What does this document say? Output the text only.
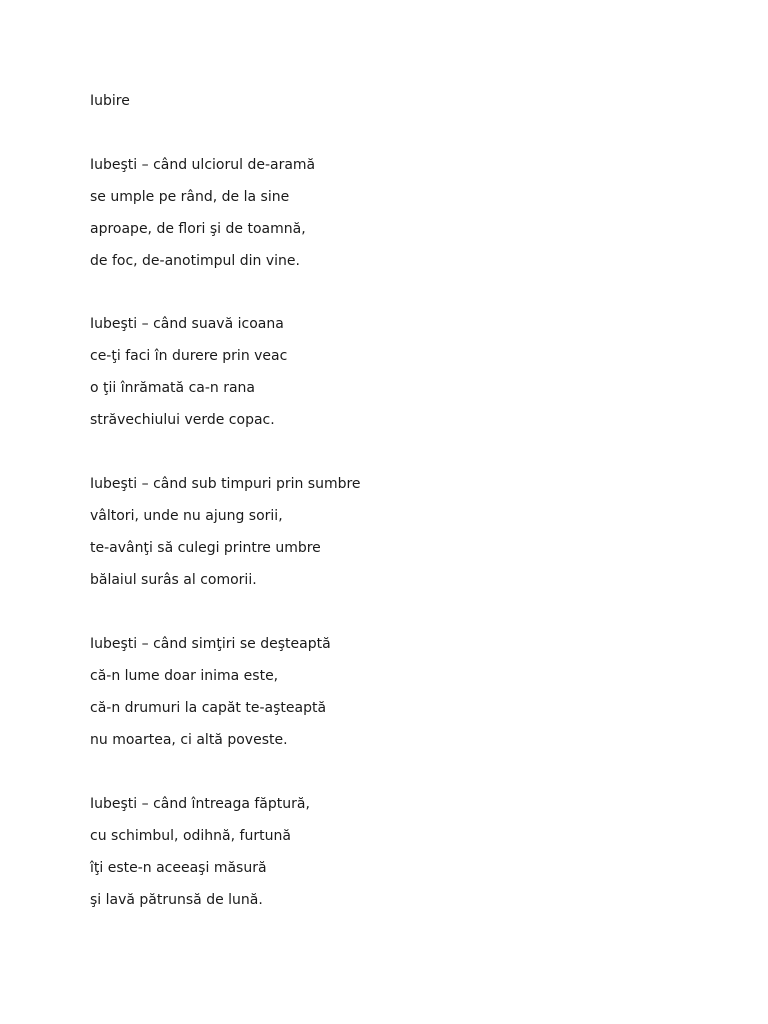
Iubire
Iubeşti – când ulciorul de-aramă
se umple pe rând, de la sine
aproape, de flori şi de toamnă,
de foc, de-anotimpul din vine.
Iubeşti – când suavă icoana
ce-ţi faci în durere prin veac
o ţii înrămată ca-n rana
străvechiului verde copac.
Iubeşti – când sub timpuri prin sumbre
vâltori, unde nu ajung sorii,
te-avânţi să culegi printre umbre
bălaiul surâs al comorii.
Iubeşti – când simţiri se deşteaptă
că-n lume doar inima este,
că-n drumuri la capăt te-aşteaptă
nu moartea, ci altă poveste.
Iubeşti – când întreaga făptură,
cu schimbul, odihnă, furtună
îţi este-n aceeaşi măsură
şi lavă pătrunsă de lună.
